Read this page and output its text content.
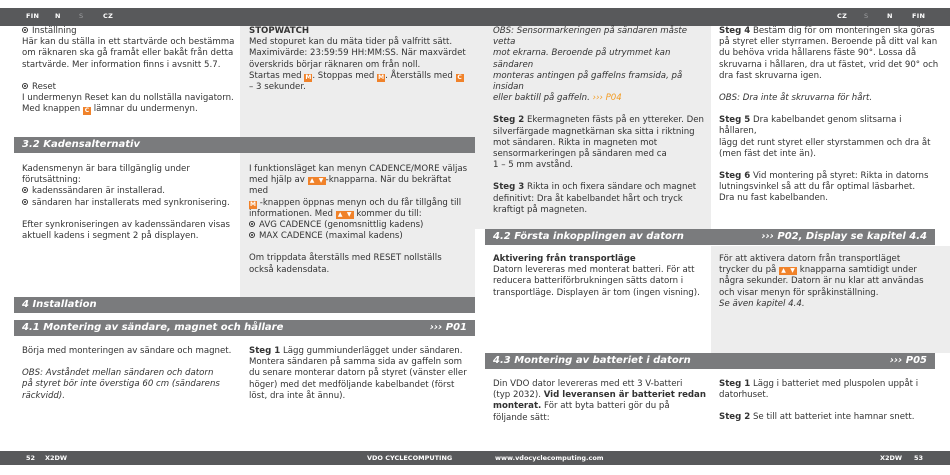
FIN N	S	CZ	CZ	S	N	FIN
3.2 Kadensalternativ
4 Installation
4.1 Montering av sändare, magnet och hållare	››› P01
4.2 Första inkopplingen av datorn	››› P02, Display se kapitel 4.4
4.3 Montering av batteriet i datorn	››› P05

Inställning

Här kan du ställa in ett startvärde och bestämma

om räknaren ska gå framåt eller bakåt från detta

startvärde. Mer information finns i avsnitt 5.7.

Reset

I undermenyn Reset kan du nollställa navigatorn.

Med knappen C lämnar du undermenyn.

STOPWATCH

Med stopuret kan du mäta tider på valfritt sätt.

Maximivärde: 23:59:59 HH:MM:SS. När maxvärdet

överskrids börjar räknaren om från noll.

Startas med M. Stoppas med M. Återställs med C

– 3 sekunder.

Kadensmenyn är bara tillgänglig under

förutsättning:

kadenssändaren är installerad.

sändaren har installerats med synkronisering.

Efter synkroniseringen av kadenssändaren visas

aktuell kadens i segment 2 på displayen.

I funktionsläget kan menyn CADENCE/MORE väljas

med hjälp av ▲ ▼ -knapparna. När du bekräftat med

M -knappen öppnas menyn och du får tillgång till

informationen. Med ▲ ▼ kommer du till:

AVG CADENCE (genomsnittlig kadens)

MAX CADENCE (maximal kadens)

Om trippdata återställs med RESET nollställs

också kadensdata.

Börja med monteringen av sändare och magnet.

OBS: Avståndet mellan sändaren och datorn

på styret bör inte överstiga 60 cm (sändarens

räckvidd).

Steg 1 Lägg gummiunderlägget under sändaren.

Montera sändaren på samma sida av gaffeln som

du senare monterar datorn på styret (vänster eller

höger) med det medföljande kabelbandet (först

löst, dra inte åt ännu).

OBS: Sensormarkeringen på sändaren måste vetta

mot ekrarna. Beroende på utrymmet kan sändaren

monteras antingen på gaffelns framsida, på insidan

eller baktill på gaffeln. ››› P04

Steg 2 Ekermagneten fästs på en yttereker. Den

silverfärgade magnetkärnan ska sitta i riktning

mot sändaren. Rikta in magneten mot

sensormarkeringen på sändaren med ca

1 – 5 mm avstånd.

Steg 3 Rikta in och fixera sändare och magnet

definitivt: Dra åt kabelbandet hårt och tryck

kraftigt på magneten.

Steg 4 Bestäm dig för om monteringen ska göras

på styret eller styrramen. Beroende på ditt val kan

du behöva vrida hållarens fäste 90°. Lossa då

skruvarna i hållaren, dra ut fästet, vrid det 90° och

dra fast skruvarna igen.

OBS: Dra inte åt skruvarna för hårt.

Steg 5 Dra kabelbandet genom slitsarna i hållaren,

lägg det runt styret eller styrstammen och dra åt

(men fäst det inte än).

Steg 6 Vid montering på styret: Rikta in datorns

lutningsvinkel så att du får optimal läsbarhet.

Dra nu fast kabelbanden.

Aktivering från transportläge

Datorn levereras med monterat batteri. För att

reducera batteriförbrukningen sätts datorn i

transportläge. Displayen är tom (ingen visning).

För att aktivera datorn från transportläget

trycker du på ▲ ▼ knapparna samtidigt under

några sekunder. Datorn är nu klar att användas

och visar menyn för språkinställning.

Se även kapitel 4.4.

Din VDO dator levereras med ett 3 V-batteri

(typ 2032). Vid leveransen är batteriet redan

monterat. För att byta batteri gör du på

följande sätt:

Steg 1 Lägg i batteriet med pluspolen uppåt i

datorhuset.

Steg 2 Se till att batteriet inte hamnar snett.

52 X2DW	VDO CYCLECOMPUTING	www.vdocyclecomputing.com	X2DW 53
